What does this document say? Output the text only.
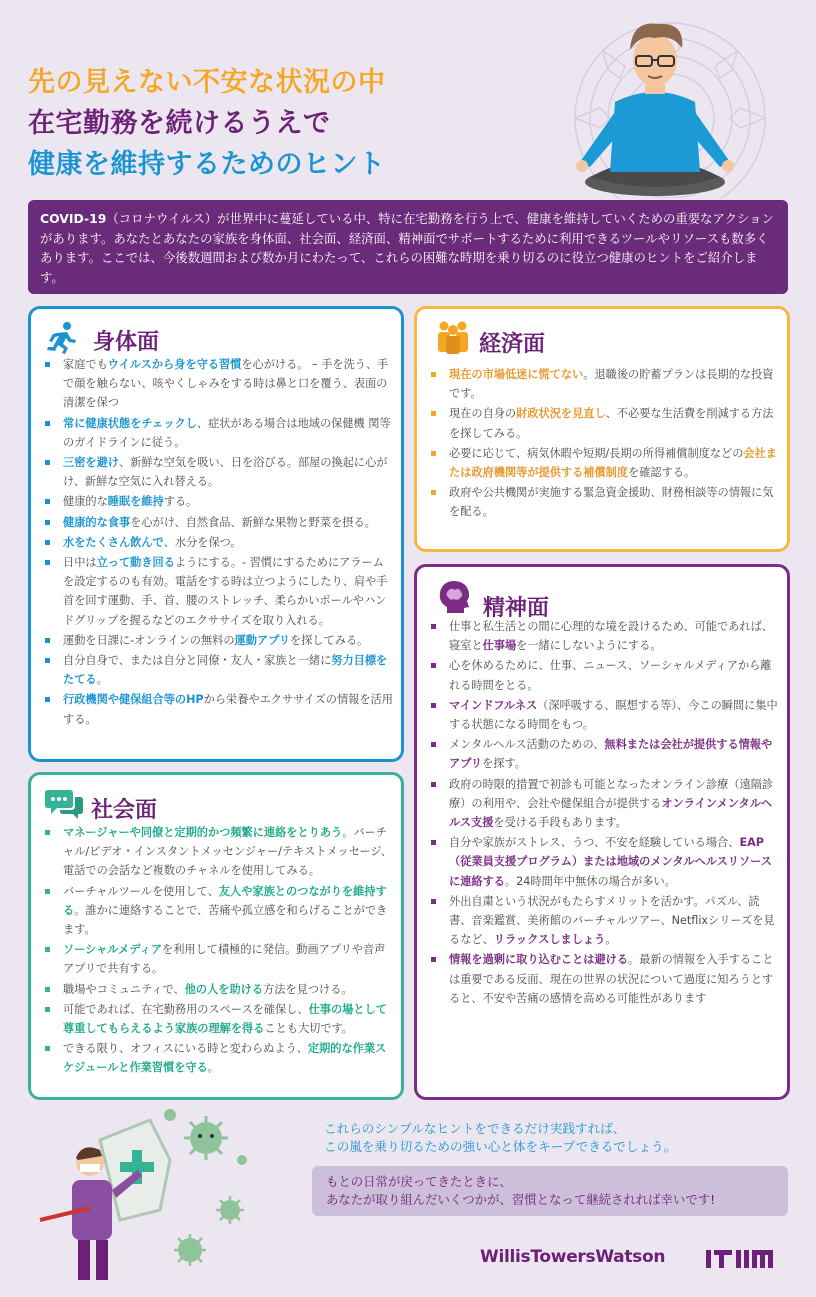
先の見えない不安な状況の中
在宅勤務を続けるうえで
健康を維持するためのヒント
COVID-19（コロナウイルス）が世界中に蔓延している中、特に在宅勤務を行う上で、健康を維持していくための重要なアクションがあります。あなたとあなたの家族を身体面、社会面、経済面、精神面でサポートするために利用できるツールやリソースも数多くあります。ここでは、今後数週間および数か月にわたって、これらの困難な時期を乗り切るのに役立つ健康のヒントをご紹介します。
身体面
家庭でもウイルスから身を守る習慣を心がける。 – 手を洗う、手で顔を触らない、咳やくしゃみをする時は鼻と口を覆う、表面の清潔を保つ
常に健康状態をチェックし、症状がある場合は地域の保健機 関等のガイドラインに従う。
三密を避け、新鮮な空気を吸い、日を浴びる。部屋の換起に心がけ、新鮮な空気に入れ替える。
健康的な睡眠を維持する。
健康的な食事を心がけ、自然食品、新鮮な果物と野菜を摂る。
水をたくさん飲んで、水分を保つ。
日中は立って動き回るようにする。- 習慣にするためにアラームを設定するのも有効。電話をする時は立つようにしたり、肩や手首を回す運動、手、首、腰のストレッチ、柔らかいボールやハンドグリップを握るなどのエクササイズを取り入れる。
運動を日課に-オンラインの無料の運動アプリを探してみる。
自分自身で、または自分と同僚・友人・家族と一緒に努力目標をたてる。
行政機関や健保組合等のHPから栄養やエクササイズの情報を活用する。
経済面
現在の市場低迷に慌てない。退職後の貯蓄プランは長期的な投資です。
現在の自身の財政状況を見直し、不必要な生活費を削減する方法を探してみる。
必要に応じて、病気休暇や短期/長期の所得補償制度などの会社または政府機関等が提供する補償制度を確認する。
政府や公共機関が実施する緊急資金援助、財務相談等の情報に気を配る。
精神面
仕事と私生活との間に心理的な境を設けるため、可能であれば、寝室と仕事場を一緒にしないようにする。
心を休めるために、仕事、ニュース、ソーシャルメディアから離れる時間をとる。
マインドフルネス（深呼吸する、瞑想する等）、今この瞬間に集中する状態になる時間をもつ。
メンタルヘルス活動のための、無料または会社が提供する情報やアプリを探す。
政府の時限的措置で初診も可能となったオンライン診療（遠隔診療）の利用や、会社や健保組合が提供するオンラインメンタルヘルス支援を受ける手段もあります。
自分や家族がストレス、うつ、不安を経験している場合、EAP（従業員支援プログラム）または地域のメンタルヘルスリソースに連絡する。24時間年中無休の場合が多い。
外出自粛という状況がもたらすメリットを活かす。パズル、読書、音楽鑑賞、美術館のバーチャルツアー、Netflixシリーズを見るなど、リラックスしましょう。
情報を過剰に取り込むことは避ける。最新の情報を入手することは重要である反面、現在の世界の状況について過度に知ろうとすると、不安や苦痛の感情を高める可能性があります
社会面
マネージャーや同僚と定期的かつ頻繁に連絡をとりあう。バーチャル/ビデオ・インスタントメッセンジャー/テキストメッセージ、電話での会話など複数のチャネルを使用してみる。
バーチャルツールを使用して、友人や家族とのつながりを維持する。誰かに連絡することで、苦痛や孤立感を和らげることができます。
ソーシャルメディアを利用して積極的に発信。動画アプリや音声アプリで共有する。
職場やコミュニティで、他の人を助ける方法を見つける。
可能であれば、在宅勤務用のスペースを確保し、仕事の場として尊重してもらえるよう家族の理解を得ることも大切です。
できる限り、オフィスにいる時と変わらぬよう、定期的な作業スケジュールと作業習慣を守る。
これらのシンプルなヒントをできるだけ実践すれば、
この嵐を乗り切るための強い心と体をキープできるでしょう。
もとの日常が戻ってきたときに、
あなたが取り組んだいくつかが、習慣となって継続されれば幸いです!
WillisTowersWatson
